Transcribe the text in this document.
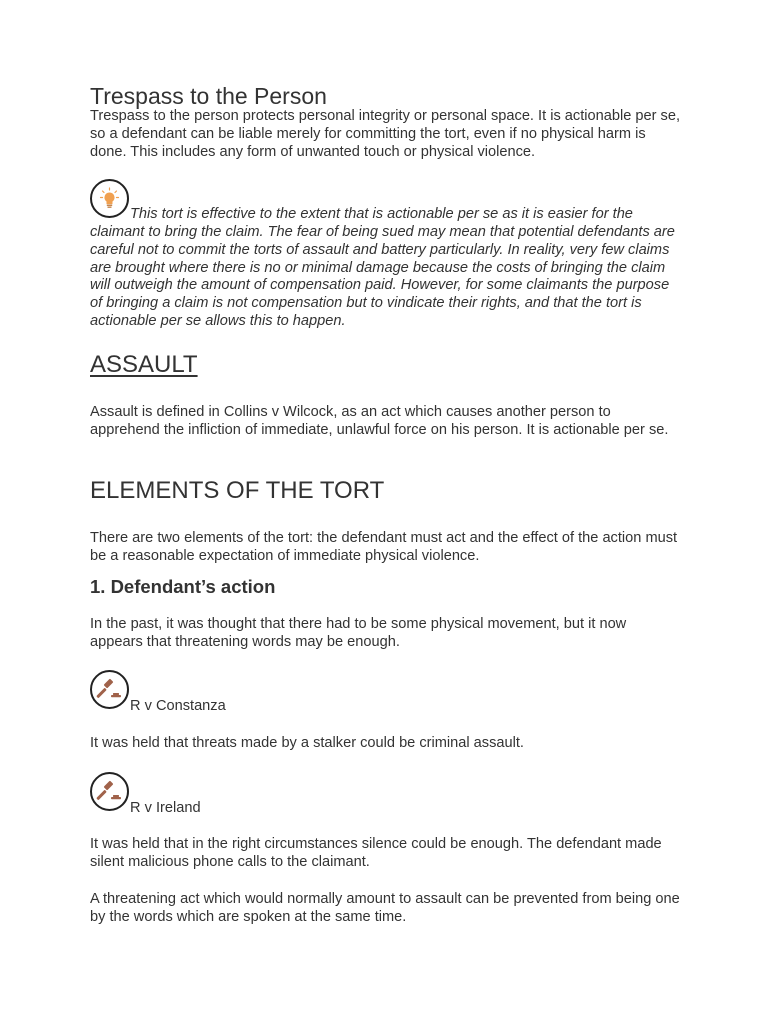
Trespass to the Person

Trespass to the person protects personal integrity or personal space. It is actionable per se, so a defendant can be liable merely for committing the tort, even if no physical harm is done. This includes any form of unwanted touch or physical violence.

This tort is effective to the extent that is actionable per se as it is easier for the

claimant to bring the claim. The fear of being sued may mean that potential defendants are careful not to commit the torts of assault and battery particularly. In reality, very few claims are brought where there is no or minimal damage because the costs of bringing the claim will outweigh the amount of compensation paid. However, for some claimants the purpose of bringing a claim is not compensation but to vindicate their rights, and that the tort is actionable per se allows this to happen.

ASSAULT

Assault is defined in Collins v Wilcock, as an act which causes another person to apprehend the infliction of immediate, unlawful force on his person. It is actionable per se.

ELEMENTS OF THE TORT

There are two elements of the tort: the defendant must act and the effect of the action must be a reasonable expectation of immediate physical violence.

1. Defendant’s action

In the past, it was thought that there had to be some physical movement, but it now appears that threatening words may be enough.

R v Constanza

It was held that threats made by a stalker could be criminal assault.

R v Ireland

It was held that in the right circumstances silence could be enough. The defendant made silent malicious phone calls to the claimant.

A threatening act which would normally amount to assault can be prevented from being one by the words which are spoken at the same time.
